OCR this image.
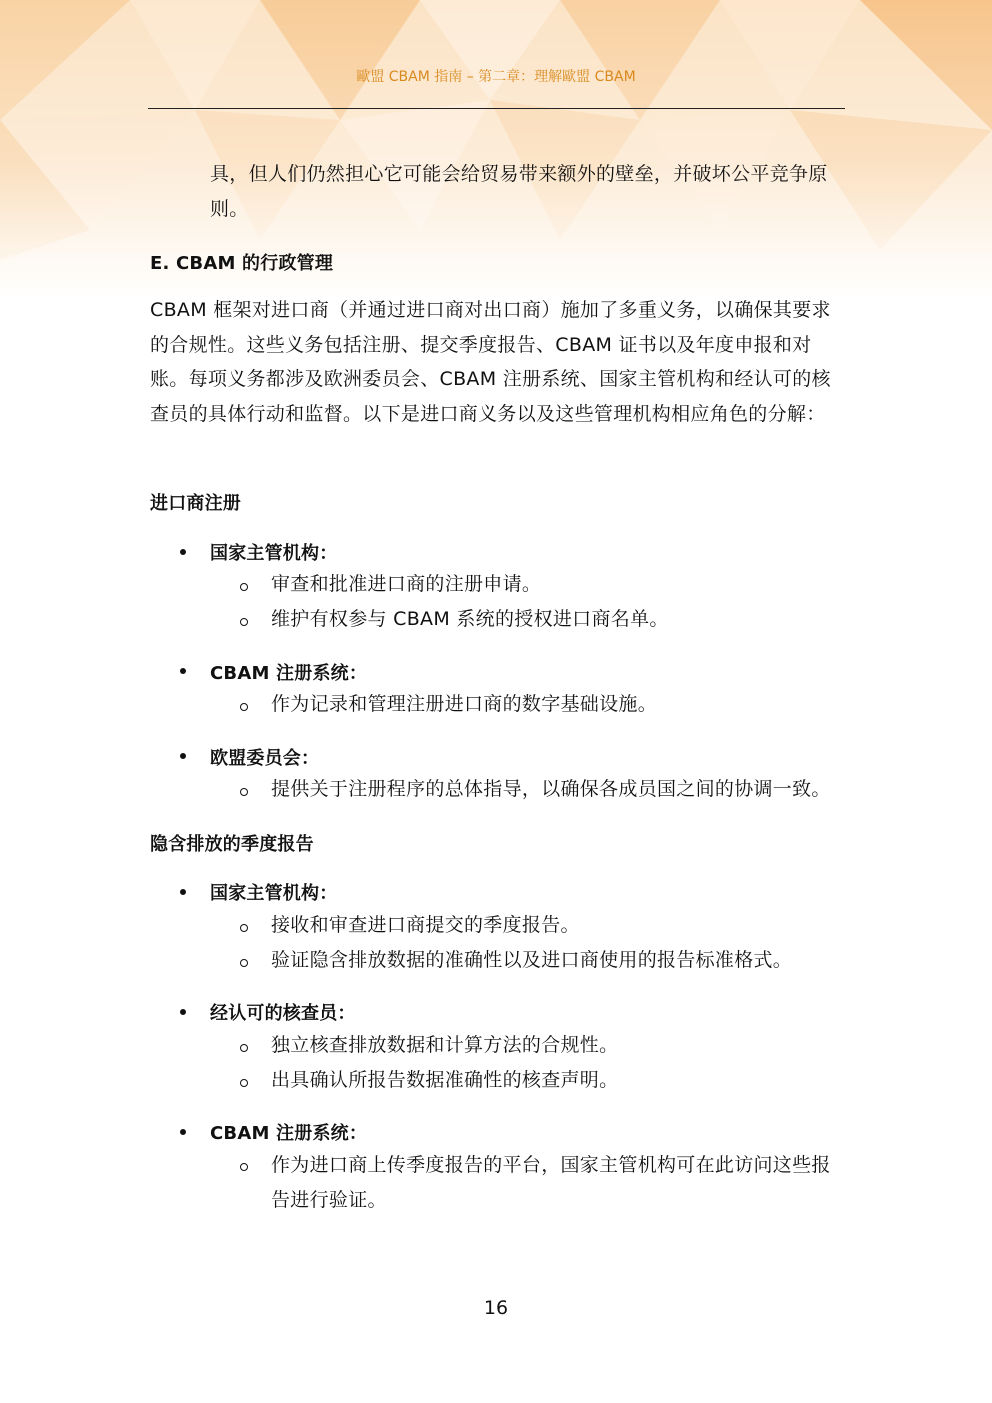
歐盟 CBAM 指南 – 第二章：理解歐盟 CBAM

具，但人们仍然担心它可能会给贸易带来额外的壁垒，并破坏公平竞争原则。

E. CBAM 的行政管理

CBAM 框架对进口商（并通过进口商对出口商）施加了多重义务，以确保其要求的合规性。这些义务包括注册、提交季度报告、CBAM 证书以及年度申报和对账。每项义务都涉及欧洲委员会、CBAM 注册系统、国家主管机构和经认可的核查员的具体行动和监督。以下是进口商义务以及这些管理机构相应角色的分解：

进口商注册
国家主管机构：
审查和批准进口商的注册申请。
维护有权参与 CBAM 系统的授权进口商名单。
CBAM 注册系统：
作为记录和管理注册进口商的数字基础设施。
欧盟委员会：
提供关于注册程序的总体指导，以确保各成员国之间的协调一致。
隐含排放的季度报告
国家主管机构：
接收和审查进口商提交的季度报告。
验证隐含排放数据的准确性以及进口商使用的报告标准格式。
经认可的核查员：
独立核查排放数据和计算方法的合规性。
出具确认所报告数据准确性的核查声明。
CBAM 注册系统：
作为进口商上传季度报告的平台，国家主管机构可在此访问这些报告进行验证。
16
